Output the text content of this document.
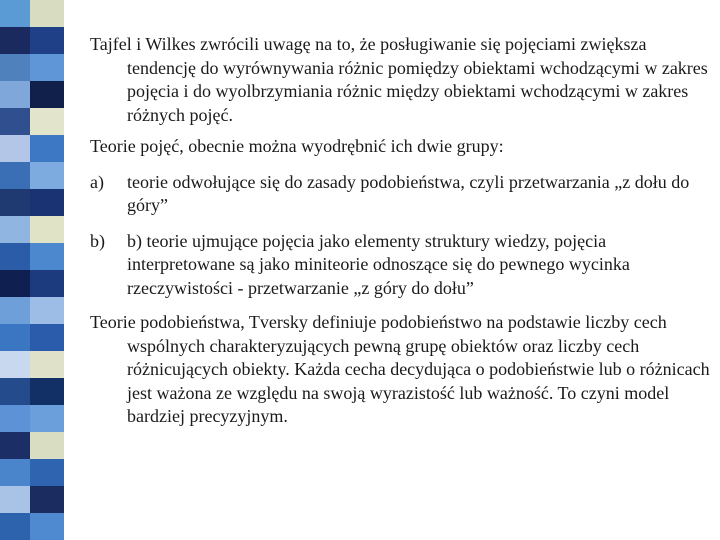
Tajfel i Wilkes zwrócili uwagę na to, że posługiwanie się pojęciami zwiększa tendencję do wyrównywania różnic pomiędzy obiektami wchodzącymi w zakres pojęcia i do wyolbrzymiania różnic między obiektami wchodzącymi w zakres różnych pojęć.

Teorie pojęć, obecnie można wyodrębnić ich dwie grupy:

a) teorie odwołujące się do zasady podobieństwa, czyli przetwarzania „z dołu do góry”
b) b) teorie ujmujące pojęcia jako elementy struktury wiedzy, pojęcia interpretowane są jako miniteorie odnoszące się do pewnego wycinka rzeczywistości - przetwarzanie „z góry do dołu”

Teorie podobieństwa, Tversky definiuje podobieństwo na podstawie liczby cech wspólnych charakteryzujących pewną grupę obiektów oraz liczby cech różnicujących obiekty. Każda cecha decydująca o podobieństwie lub o różnicach jest ważona ze względu na swoją wyrazistość lub ważność. To czyni model bardziej precyzyjnym.
